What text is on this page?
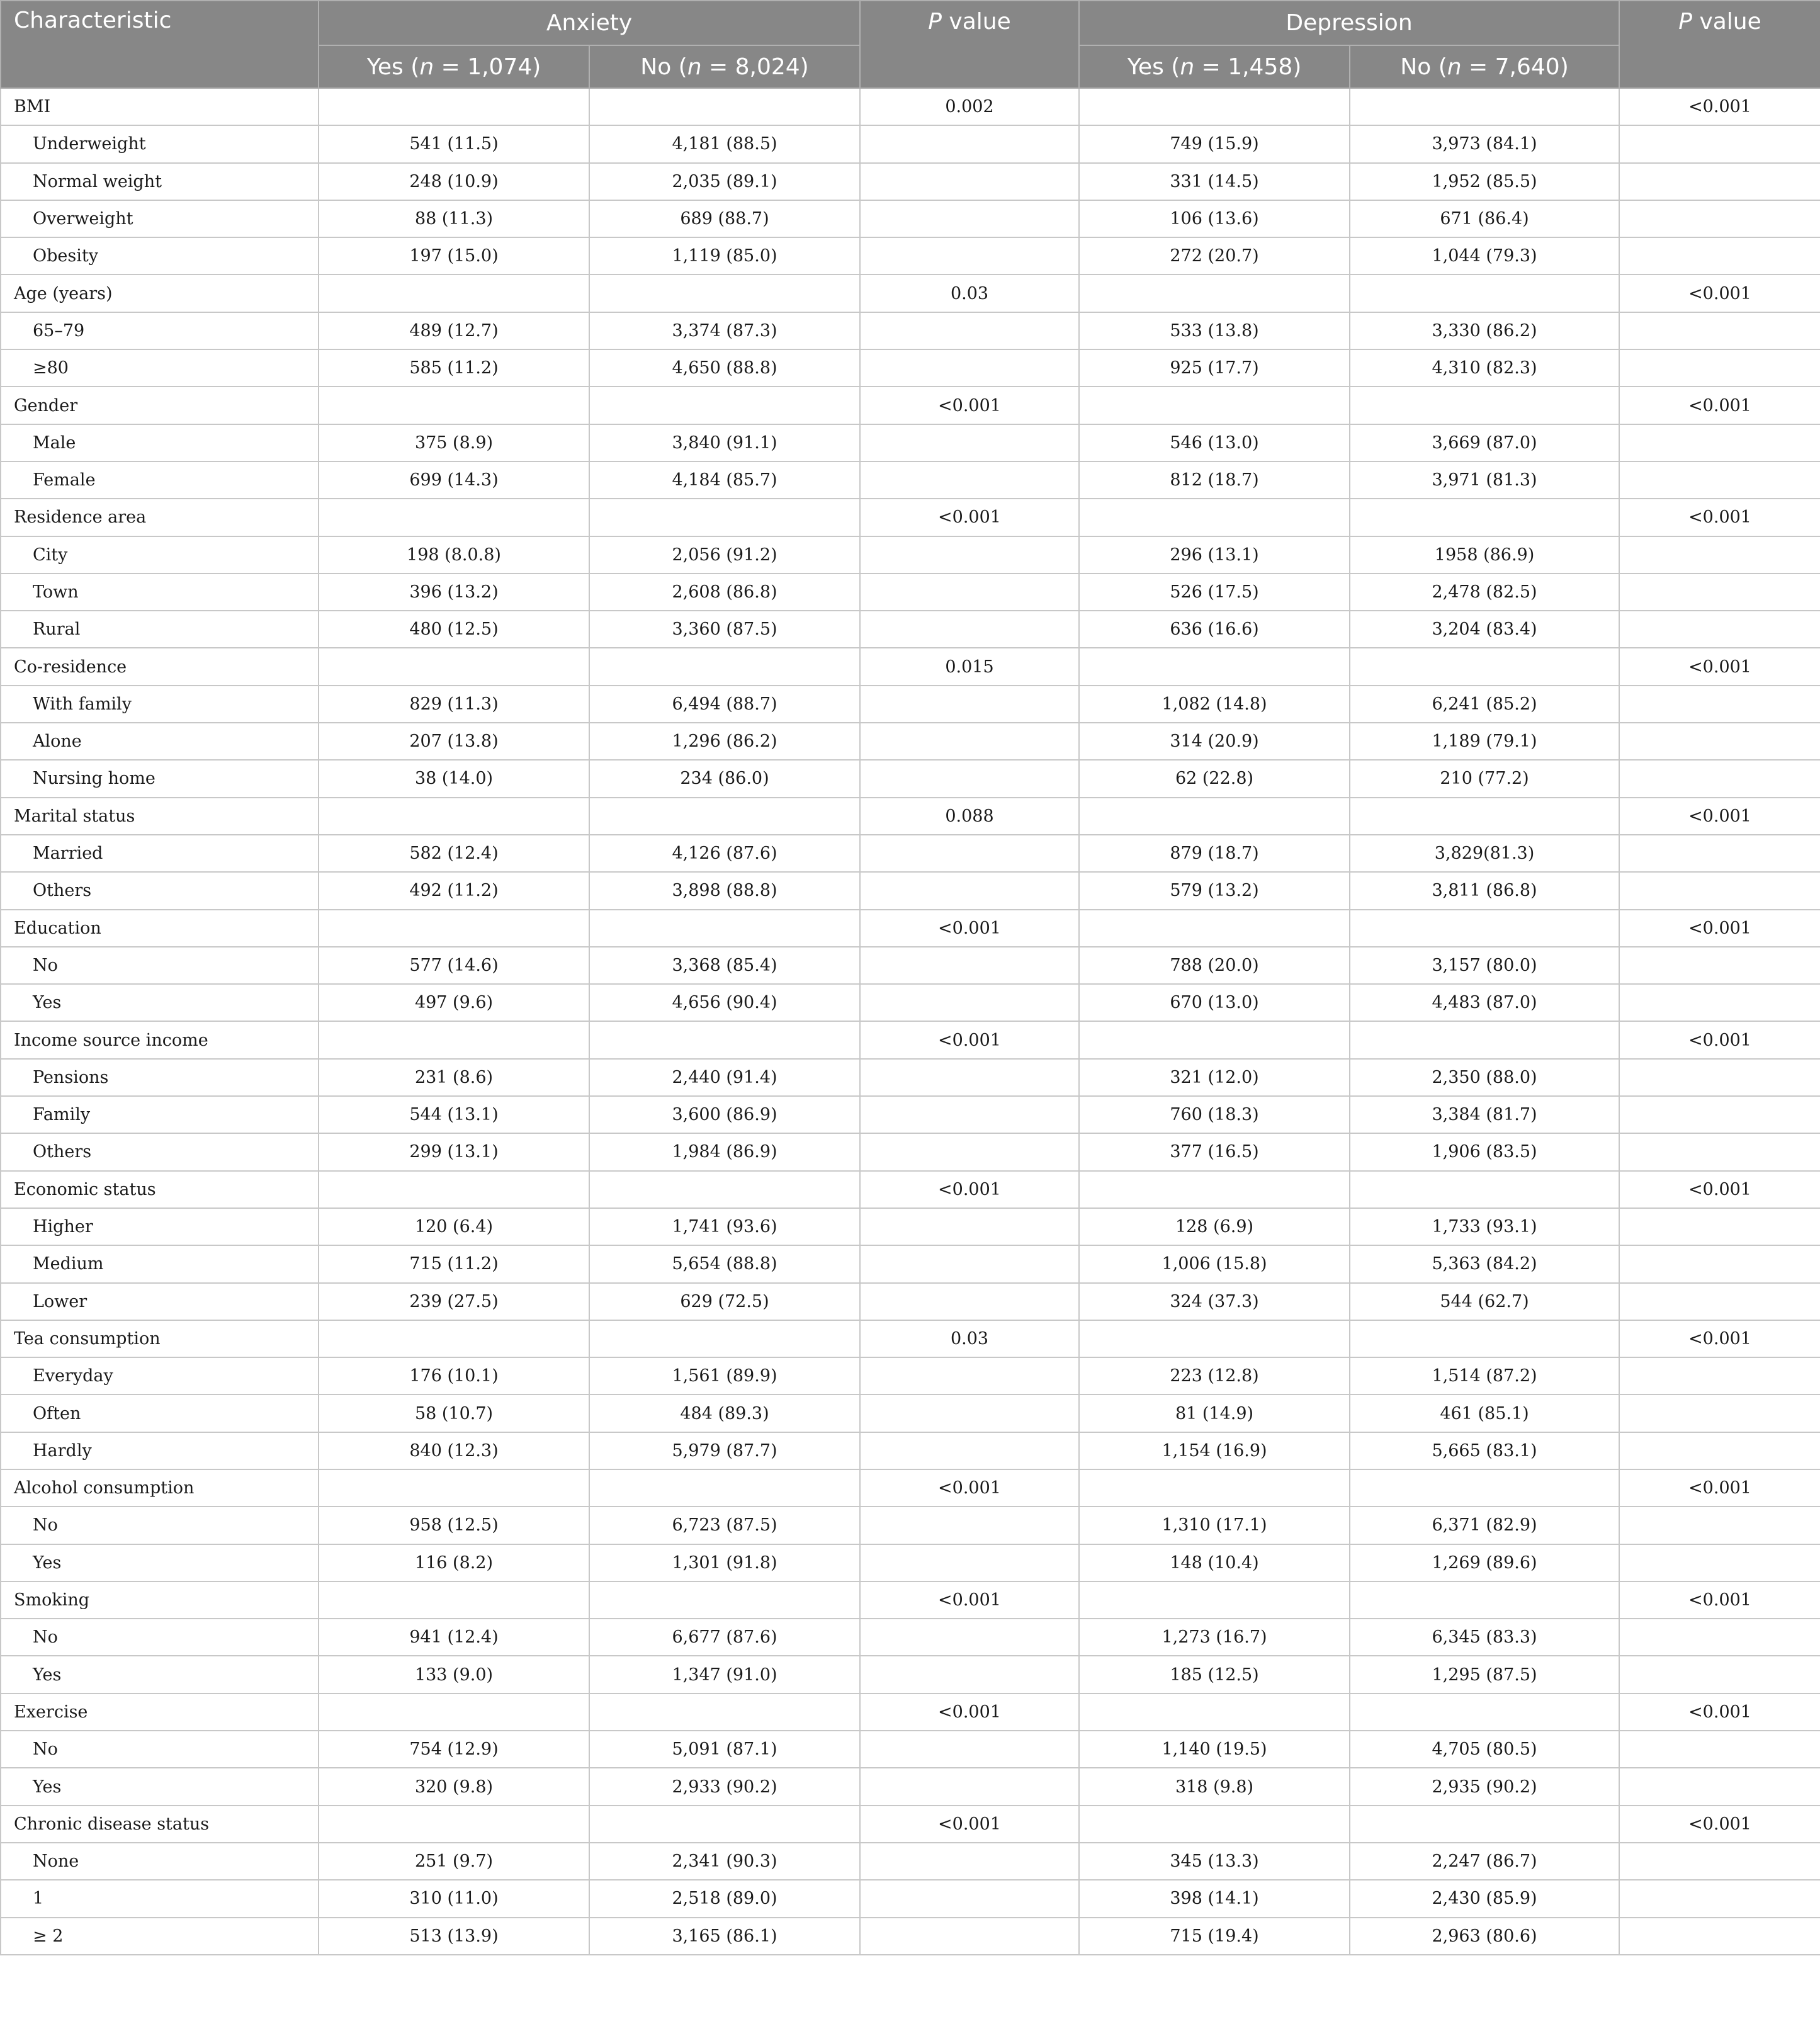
Characteristic	Anxiety		P value	Depression		P value
	Yes (n = 1,074)	No (n = 8,024)		Yes (n = 1,458)	No (n = 7,640)	
BMI			0.002			<0.001
Underweight	541 (11.5)	4,181 (88.5)		749 (15.9)	3,973 (84.1)	
Normal weight	248 (10.9)	2,035 (89.1)		331 (14.5)	1,952 (85.5)	
Overweight	88 (11.3)	689 (88.7)		106 (13.6)	671 (86.4)	
Obesity	197 (15.0)	1,119 (85.0)		272 (20.7)	1,044 (79.3)	
Age (years)			0.03			<0.001
65–79	489 (12.7)	3,374 (87.3)		533 (13.8)	3,330 (86.2)	
≥80	585 (11.2)	4,650 (88.8)		925 (17.7)	4,310 (82.3)	
Gender			<0.001			<0.001
Male	375 (8.9)	3,840 (91.1)		546 (13.0)	3,669 (87.0)	
Female	699 (14.3)	4,184 (85.7)		812 (18.7)	3,971 (81.3)	
Residence area			<0.001			<0.001
City	198 (8.0.8)	2,056 (91.2)		296 (13.1)	1958 (86.9)	
Town	396 (13.2)	2,608 (86.8)		526 (17.5)	2,478 (82.5)	
Rural	480 (12.5)	3,360 (87.5)		636 (16.6)	3,204 (83.4)	
Co-residence			0.015			<0.001
With family	829 (11.3)	6,494 (88.7)		1,082 (14.8)	6,241 (85.2)	
Alone	207 (13.8)	1,296 (86.2)		314 (20.9)	1,189 (79.1)	
Nursing home	38 (14.0)	234 (86.0)		62 (22.8)	210 (77.2)	
Marital status			0.088			<0.001
Married	582 (12.4)	4,126 (87.6)		879 (18.7)	3,829(81.3)	
Others	492 (11.2)	3,898 (88.8)		579 (13.2)	3,811 (86.8)	
Education			<0.001			<0.001
No	577 (14.6)	3,368 (85.4)		788 (20.0)	3,157 (80.0)	
Yes	497 (9.6)	4,656 (90.4)		670 (13.0)	4,483 (87.0)	
Income source income			<0.001			<0.001
Pensions	231 (8.6)	2,440 (91.4)		321 (12.0)	2,350 (88.0)	
Family	544 (13.1)	3,600 (86.9)		760 (18.3)	3,384 (81.7)	
Others	299 (13.1)	1,984 (86.9)		377 (16.5)	1,906 (83.5)	
Economic status			<0.001			<0.001
Higher	120 (6.4)	1,741 (93.6)		128 (6.9)	1,733 (93.1)	
Medium	715 (11.2)	5,654 (88.8)		1,006 (15.8)	5,363 (84.2)	
Lower	239 (27.5)	629 (72.5)		324 (37.3)	544 (62.7)	
Tea consumption			0.03			<0.001
Everyday	176 (10.1)	1,561 (89.9)		223 (12.8)	1,514 (87.2)	
Often	58 (10.7)	484 (89.3)		81 (14.9)	461 (85.1)	
Hardly	840 (12.3)	5,979 (87.7)		1,154 (16.9)	5,665 (83.1)	
Alcohol consumption			<0.001			<0.001
No	958 (12.5)	6,723 (87.5)		1,310 (17.1)	6,371 (82.9)	
Yes	116 (8.2)	1,301 (91.8)		148 (10.4)	1,269 (89.6)	
Smoking			<0.001			<0.001
No	941 (12.4)	6,677 (87.6)		1,273 (16.7)	6,345 (83.3)	
Yes	133 (9.0)	1,347 (91.0)		185 (12.5)	1,295 (87.5)	
Exercise			<0.001			<0.001
No	754 (12.9)	5,091 (87.1)		1,140 (19.5)	4,705 (80.5)	
Yes	320 (9.8)	2,933 (90.2)		318 (9.8)	2,935 (90.2)	
Chronic disease status			<0.001			<0.001
None	251 (9.7)	2,341 (90.3)		345 (13.3)	2,247 (86.7)	
1	310 (11.0)	2,518 (89.0)		398 (14.1)	2,430 (85.9)	
≥ 2	513 (13.9)	3,165 (86.1)		715 (19.4)	2,963 (80.6)	
